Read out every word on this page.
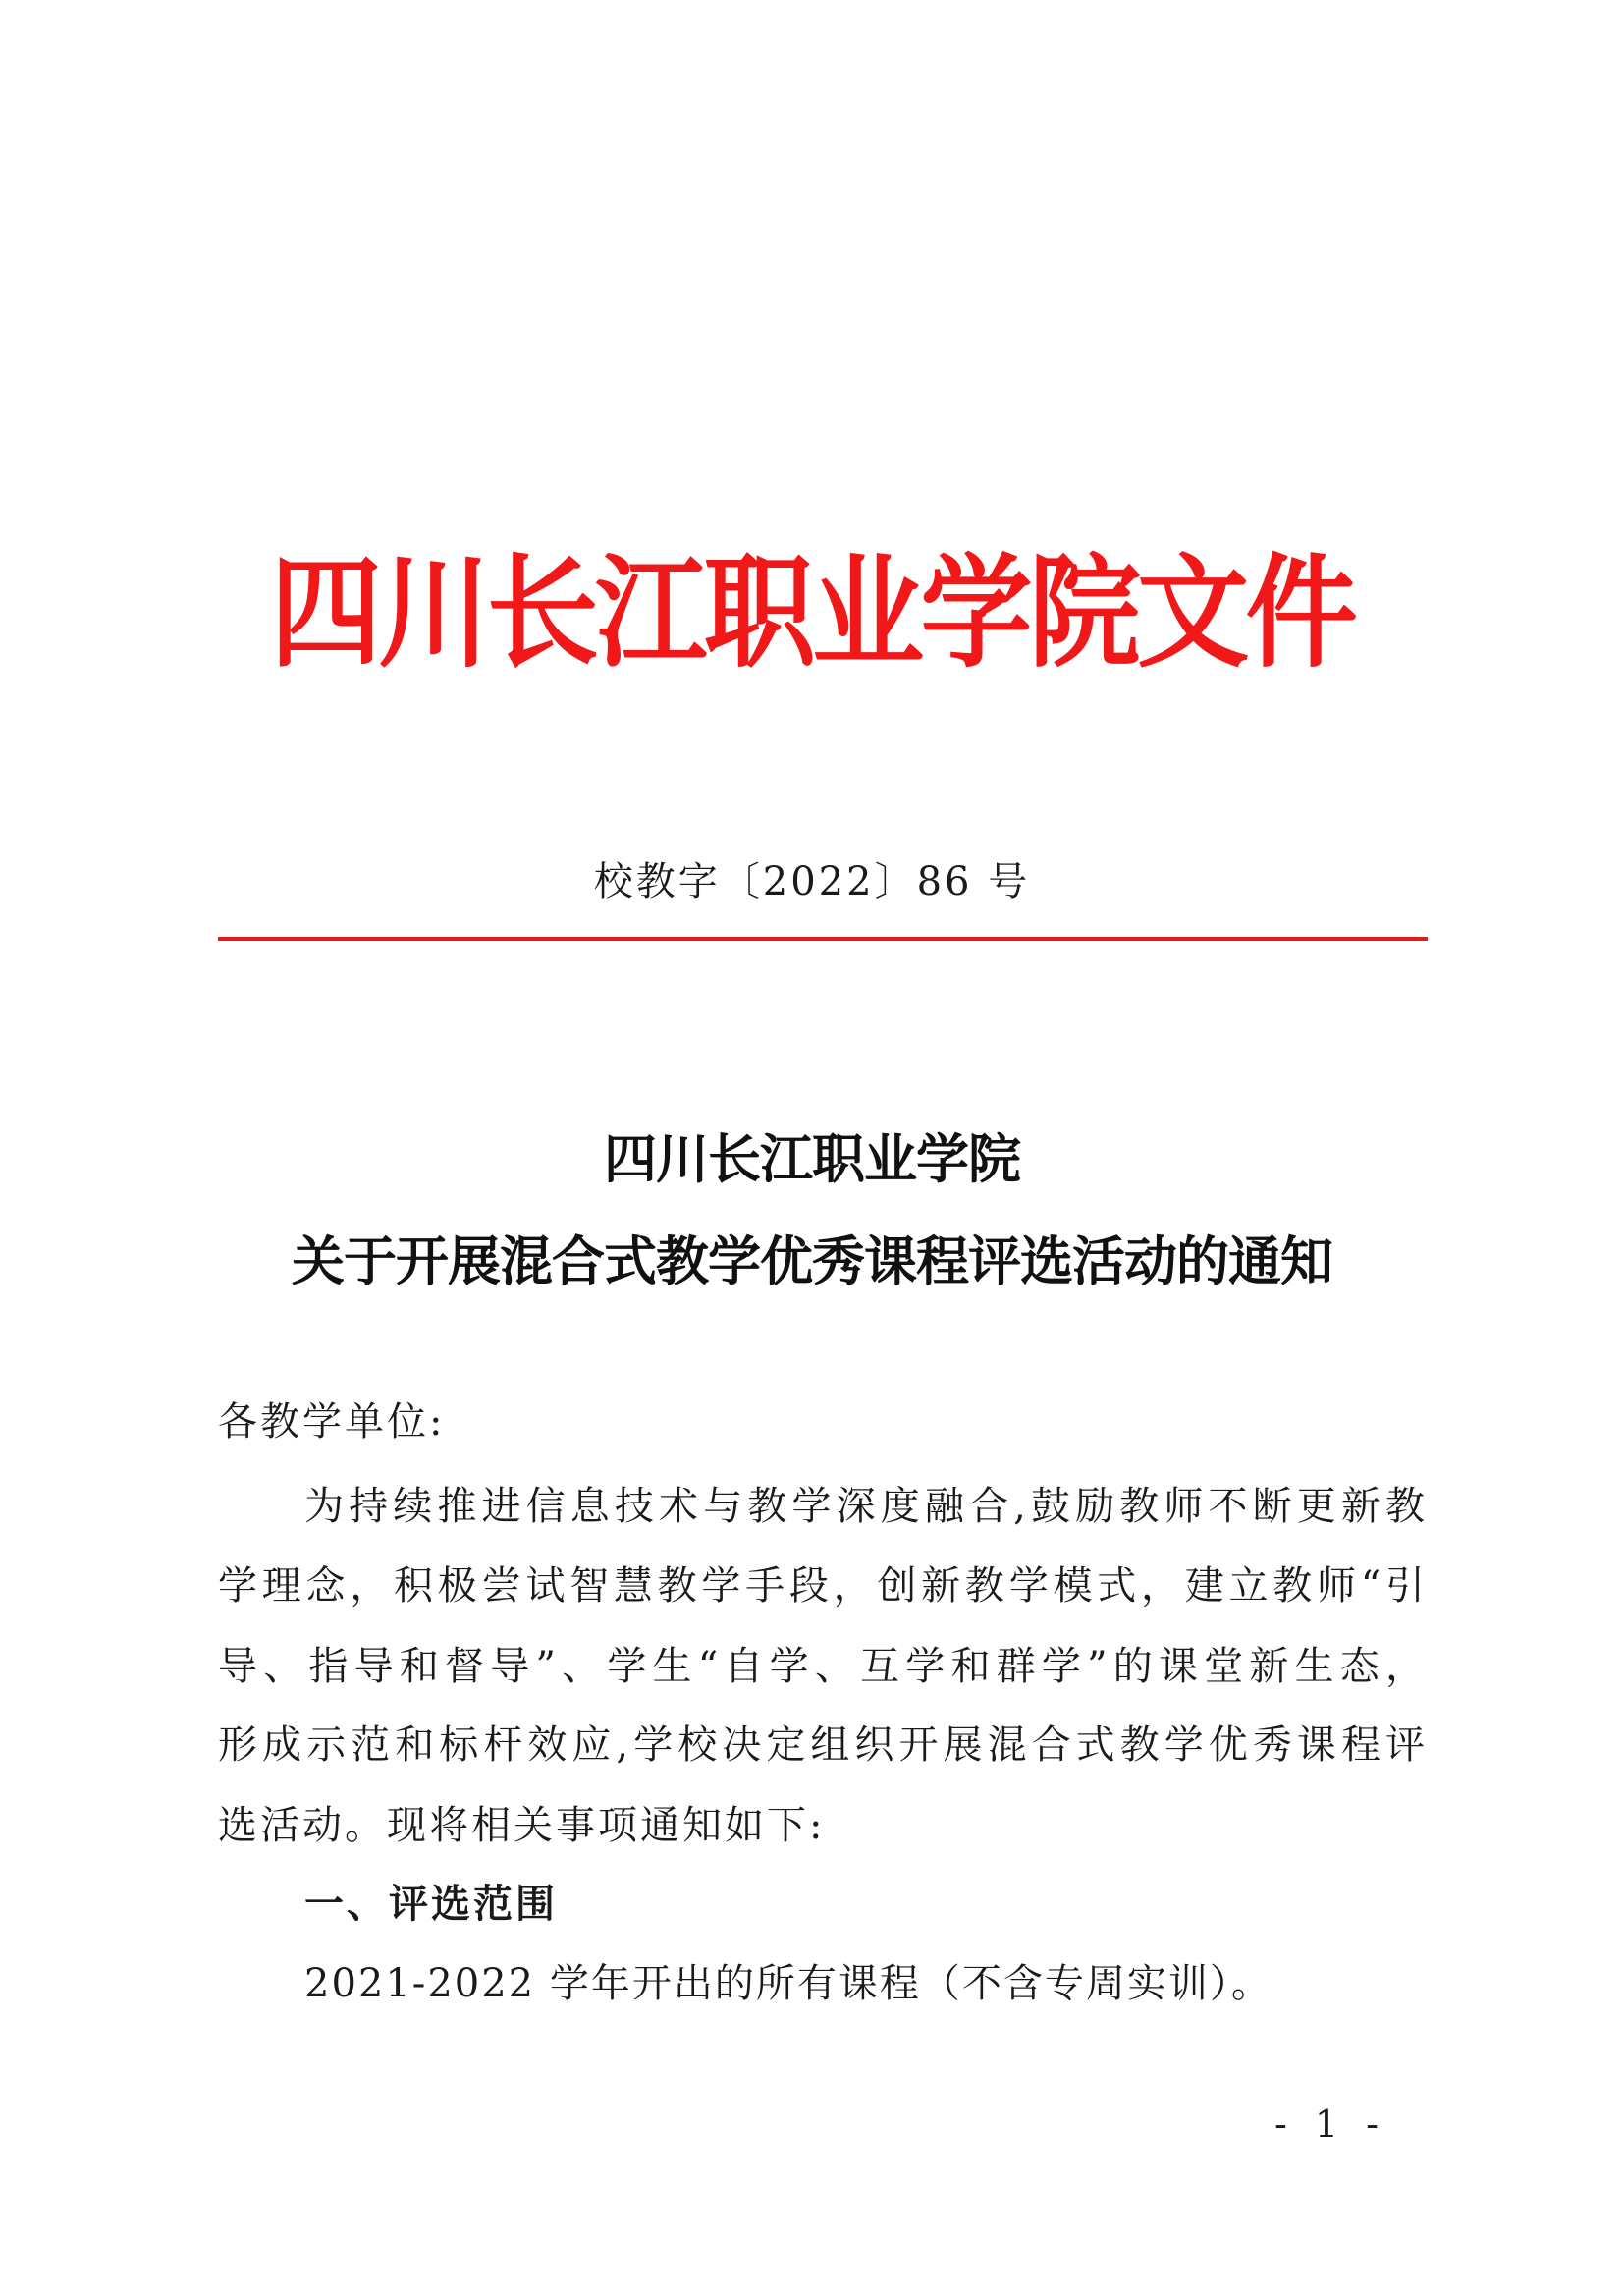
四川长江职业学院文件
校教字〔2022〕86 号
四川长江职业学院
关于开展混合式教学优秀课程评选活动的通知
各教学单位:
为持续推进信息技术与教学深度融合,鼓励教师不断更新教
学理念，积极尝试智慧教学手段，创新教学模式，建立教师“引
导、指导和督导”、学生“自学、互学和群学”的课堂新生态，
形成示范和标杆效应,学校决定组织开展混合式教学优秀课程评
选活动。现将相关事项通知如下:
一、评选范围
2021-2022 学年开出的所有课程（不含专周实训）。
- 1 -
